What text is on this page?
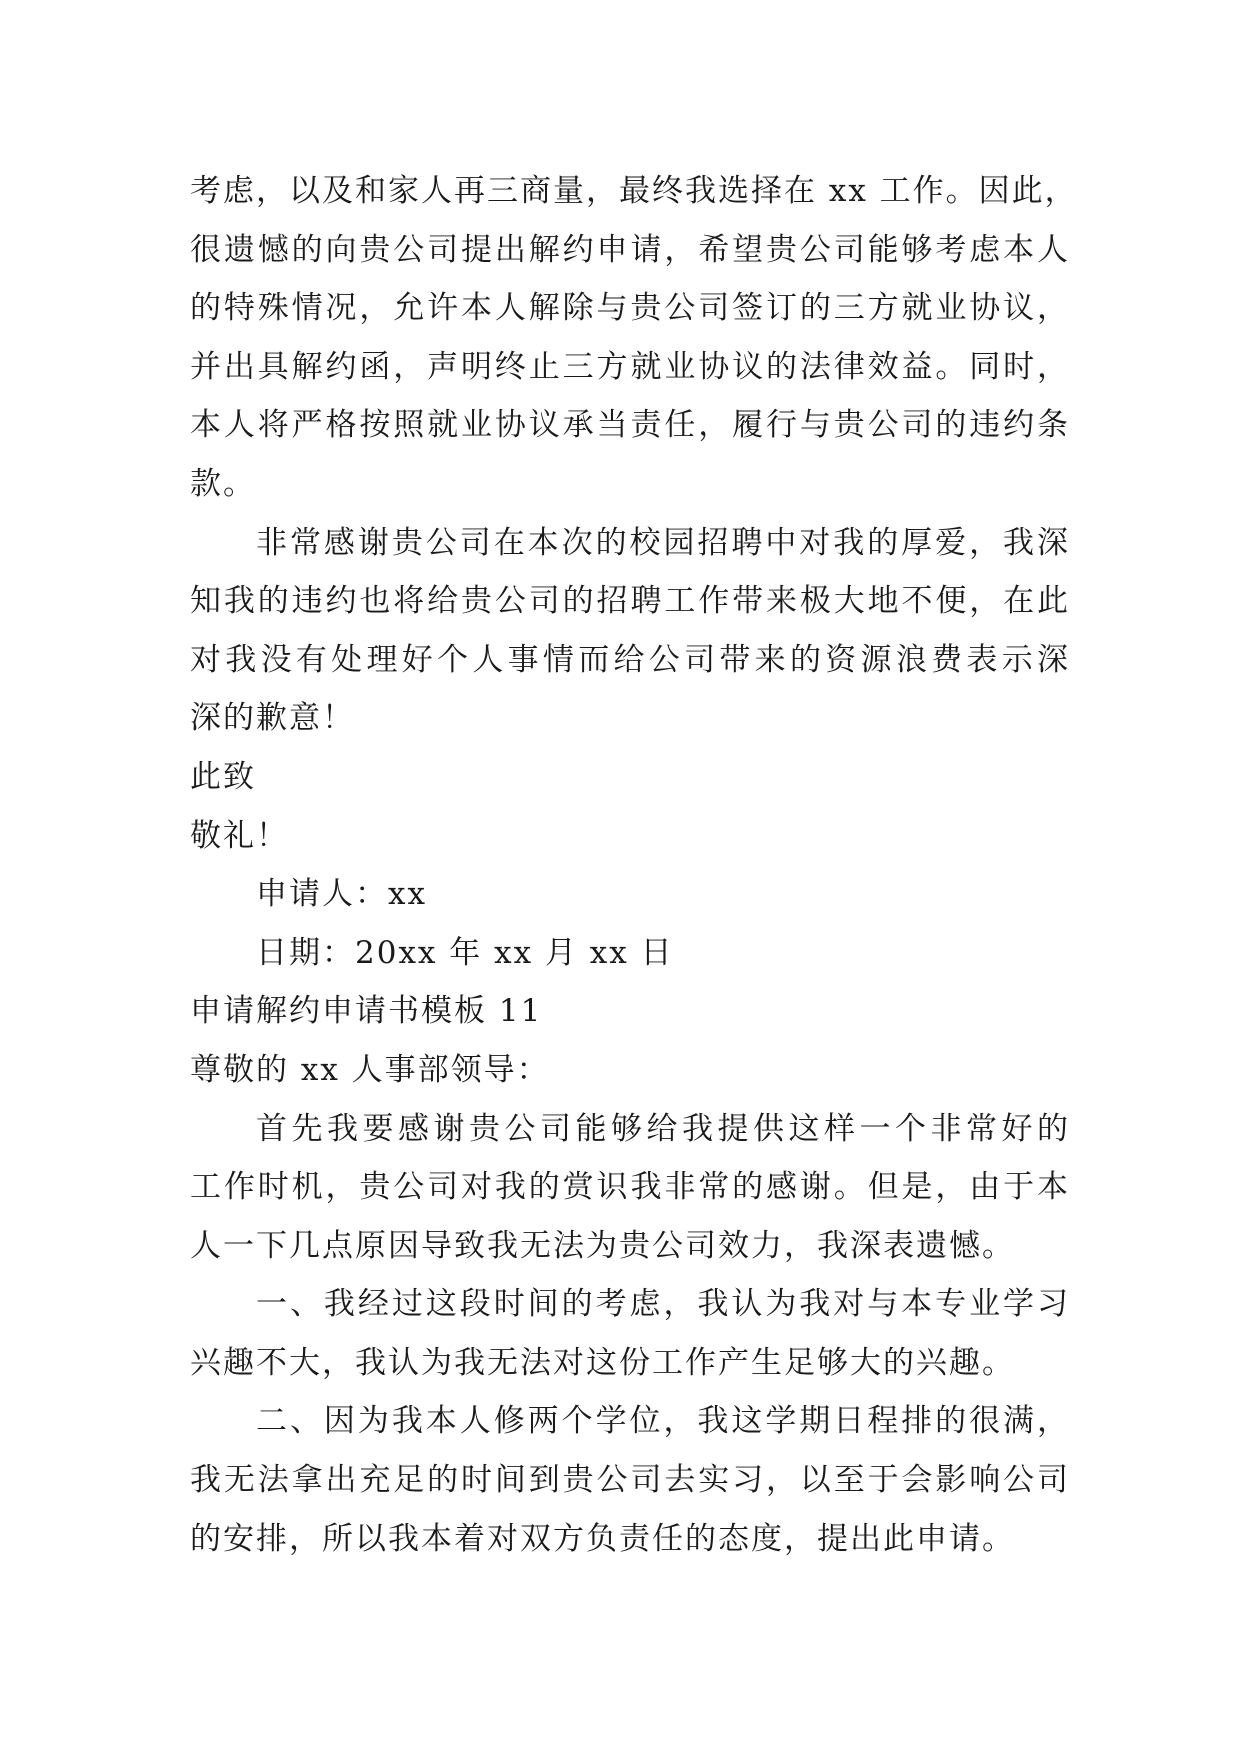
考虑，以及和家人再三商量，最终我选择在 xx 工作。因此，
很遗憾的向贵公司提出解约申请，希望贵公司能够考虑本人
的特殊情况，允许本人解除与贵公司签订的三方就业协议，
并出具解约函，声明终止三方就业协议的法律效益。同时，
本人将严格按照就业协议承当责任，履行与贵公司的违约条
款。
非常感谢贵公司在本次的校园招聘中对我的厚爱，我深
知我的违约也将给贵公司的招聘工作带来极大地不便，在此
对我没有处理好个人事情而给公司带来的资源浪费表示深
深的歉意！
此致
敬礼！
申请人：xx
日期：20xx 年 xx 月 xx 日
申请解约申请书模板 11
尊敬的 xx 人事部领导：
首先我要感谢贵公司能够给我提供这样一个非常好的
工作时机，贵公司对我的赏识我非常的感谢。但是，由于本
人一下几点原因导致我无法为贵公司效力，我深表遗憾。
一、我经过这段时间的考虑，我认为我对与本专业学习
兴趣不大，我认为我无法对这份工作产生足够大的兴趣。
二、因为我本人修两个学位，我这学期日程排的很满，
我无法拿出充足的时间到贵公司去实习，以至于会影响公司
的安排，所以我本着对双方负责任的态度，提出此申请。
